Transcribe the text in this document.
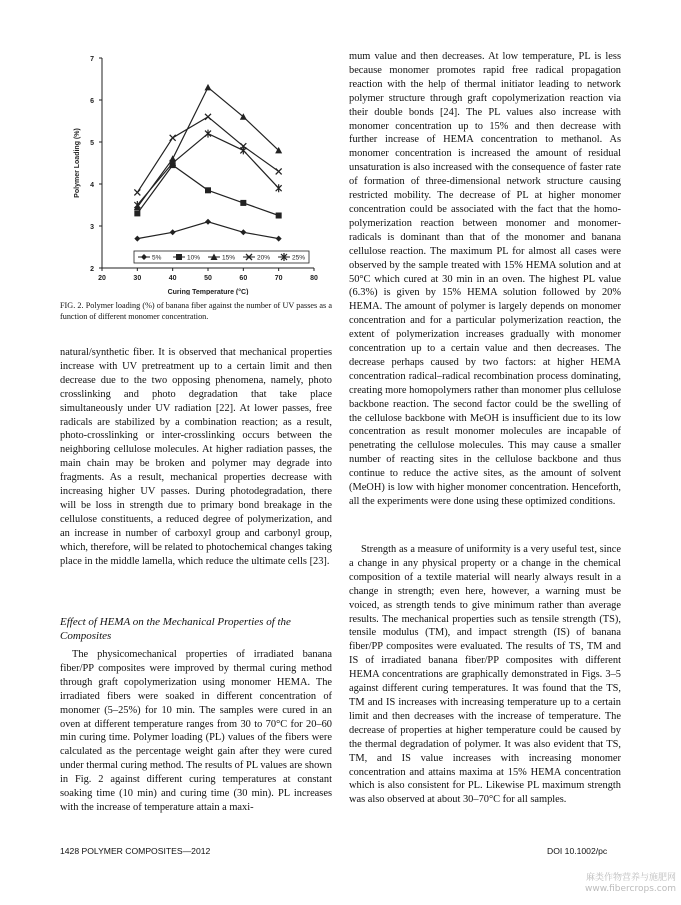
2
3
4
5
6
7
20	30	40	50	60	70	80
Curing Temperature (°C)
Polymer Loading (%)
5%	10%	15%	20%	25%

FIG. 2. Polymer loading (%) of banana fiber against the number of UV passes as a function of different monomer concentration.

natural/synthetic fiber. It is observed that mechanical properties increase with UV pretreatment up to a certain limit and then decrease due to the two opposing phenomena, namely, photo crosslinking and photo degradation that take place simultaneously under UV radiation [22]. At lower passes, free radicals are stabilized by a combination reaction; as a result, photo-crosslinking or inter-crosslinking occurs between the neighboring cellulose molecules. At higher radiation passes, the main chain may be broken and polymer may degrade into fragments. As a result, mechanical properties decrease with increasing higher UV passes. During photodegradation, there will be loss in strength due to primary bond breakage in the cellulose constituents, a reduced degree of polymerization, and an increase in number of carboxyl group and carbonyl group, which, therefore, will be related to photochemical changes taking place in the middle lamella, which reduce the ultimate cells [23].

Effect of HEMA on the Mechanical Properties of the Composites

The physicomechanical properties of irradiated banana fiber/PP composites were improved by thermal curing method through graft copolymerization using monomer HEMA. The irradiated fibers were soaked in different concentration of monomer (5–25%) for 10 min. The samples were cured in an oven at different temperature ranges from 30 to 70°C for 20–60 min curing time. Polymer loading (PL) values of the fibers were calculated as the percentage weight gain after they were cured under thermal curing method. The results of PL values are shown in Fig. 2 against different curing temperatures at constant soaking time (10 min) and curing time (30 min). PL increases with the increase of temperature attain a maxi-

mum value and then decreases. At low temperature, PL is less because monomer promotes rapid free radical propagation reaction with the help of thermal initiator leading to network polymer structure through graft copolymerization reaction via their double bonds [24]. The PL values also increase with monomer concentration up to 15% and then decrease with further increase of HEMA concentration to methanol. As monomer concentration is increased the amount of residual unsaturation is also increased with the consequence of faster rate of formation of three-dimensional network structure causing restricted mobility. The decrease of PL at higher monomer concentration could be associated with the fact that the homo-polymerization reaction between monomer and monomer-radicals is dominant than that of the monomer and banana cellulose reaction. The maximum PL for almost all cases were observed by the sample treated with 15% HEMA solution and at 50°C which cured at 30 min in an oven. The highest PL value (6.3%) is given by 15% HEMA solution followed by 20% HEMA. The amount of polymer is largely depends on monomer concentration and for a particular polymerization reaction, the extent of polymerization increases gradually with monomer concentration up to a certain value and then decreases. The decrease perhaps caused by two factors: at higher HEMA concentration radical–radical recombination process dominating, creating more homopolymers rather than monomer plus cellulose backbone reaction. The second factor could be the swelling of the cellulose backbone with MeOH is insufficient due to its low concentration as result monomer molecules are incapable of penetrating the cellulose molecules. This may cause a smaller number of reacting sites in the cellulose backbone and thus continue to reduce the active sites, as the amount of solvent (MeOH) is low with higher monomer concentration. Henceforth, all the experiments were done using these optimized conditions.

Strength as a measure of uniformity is a very useful test, since a change in any physical property or a change in the chemical composition of a textile material will nearly always result in a change in strength; even here, however, a warning must be voiced, as strength tends to give minimum rather than average results. The mechanical properties such as tensile strength (TS), tensile modulus (TM), and impact strength (IS) of banana fiber/PP composites were evaluated. The results of TS, TM and IS of irradiated banana fiber/PP composites with different HEMA concentrations are graphically demonstrated in Figs. 3–5 against different curing temperatures. It was found that the TS, TM and IS increases with increasing temperature up to a certain limit and then decreases with the increase of temperature. The decrease of properties at higher temperature could be caused by the thermal degradation of polymer. It was also evident that TS, TM, and IS value increases with increasing monomer concentration and attains maxima at 15% HEMA concentration which is also consistent for PL. Likewise PL maximum strength was also observed at about 30–70°C for all samples.

1428 POLYMER COMPOSITES—2012	DOI 10.1002/pc
麻类作物营养与施肥网
www.fibercrops.com
